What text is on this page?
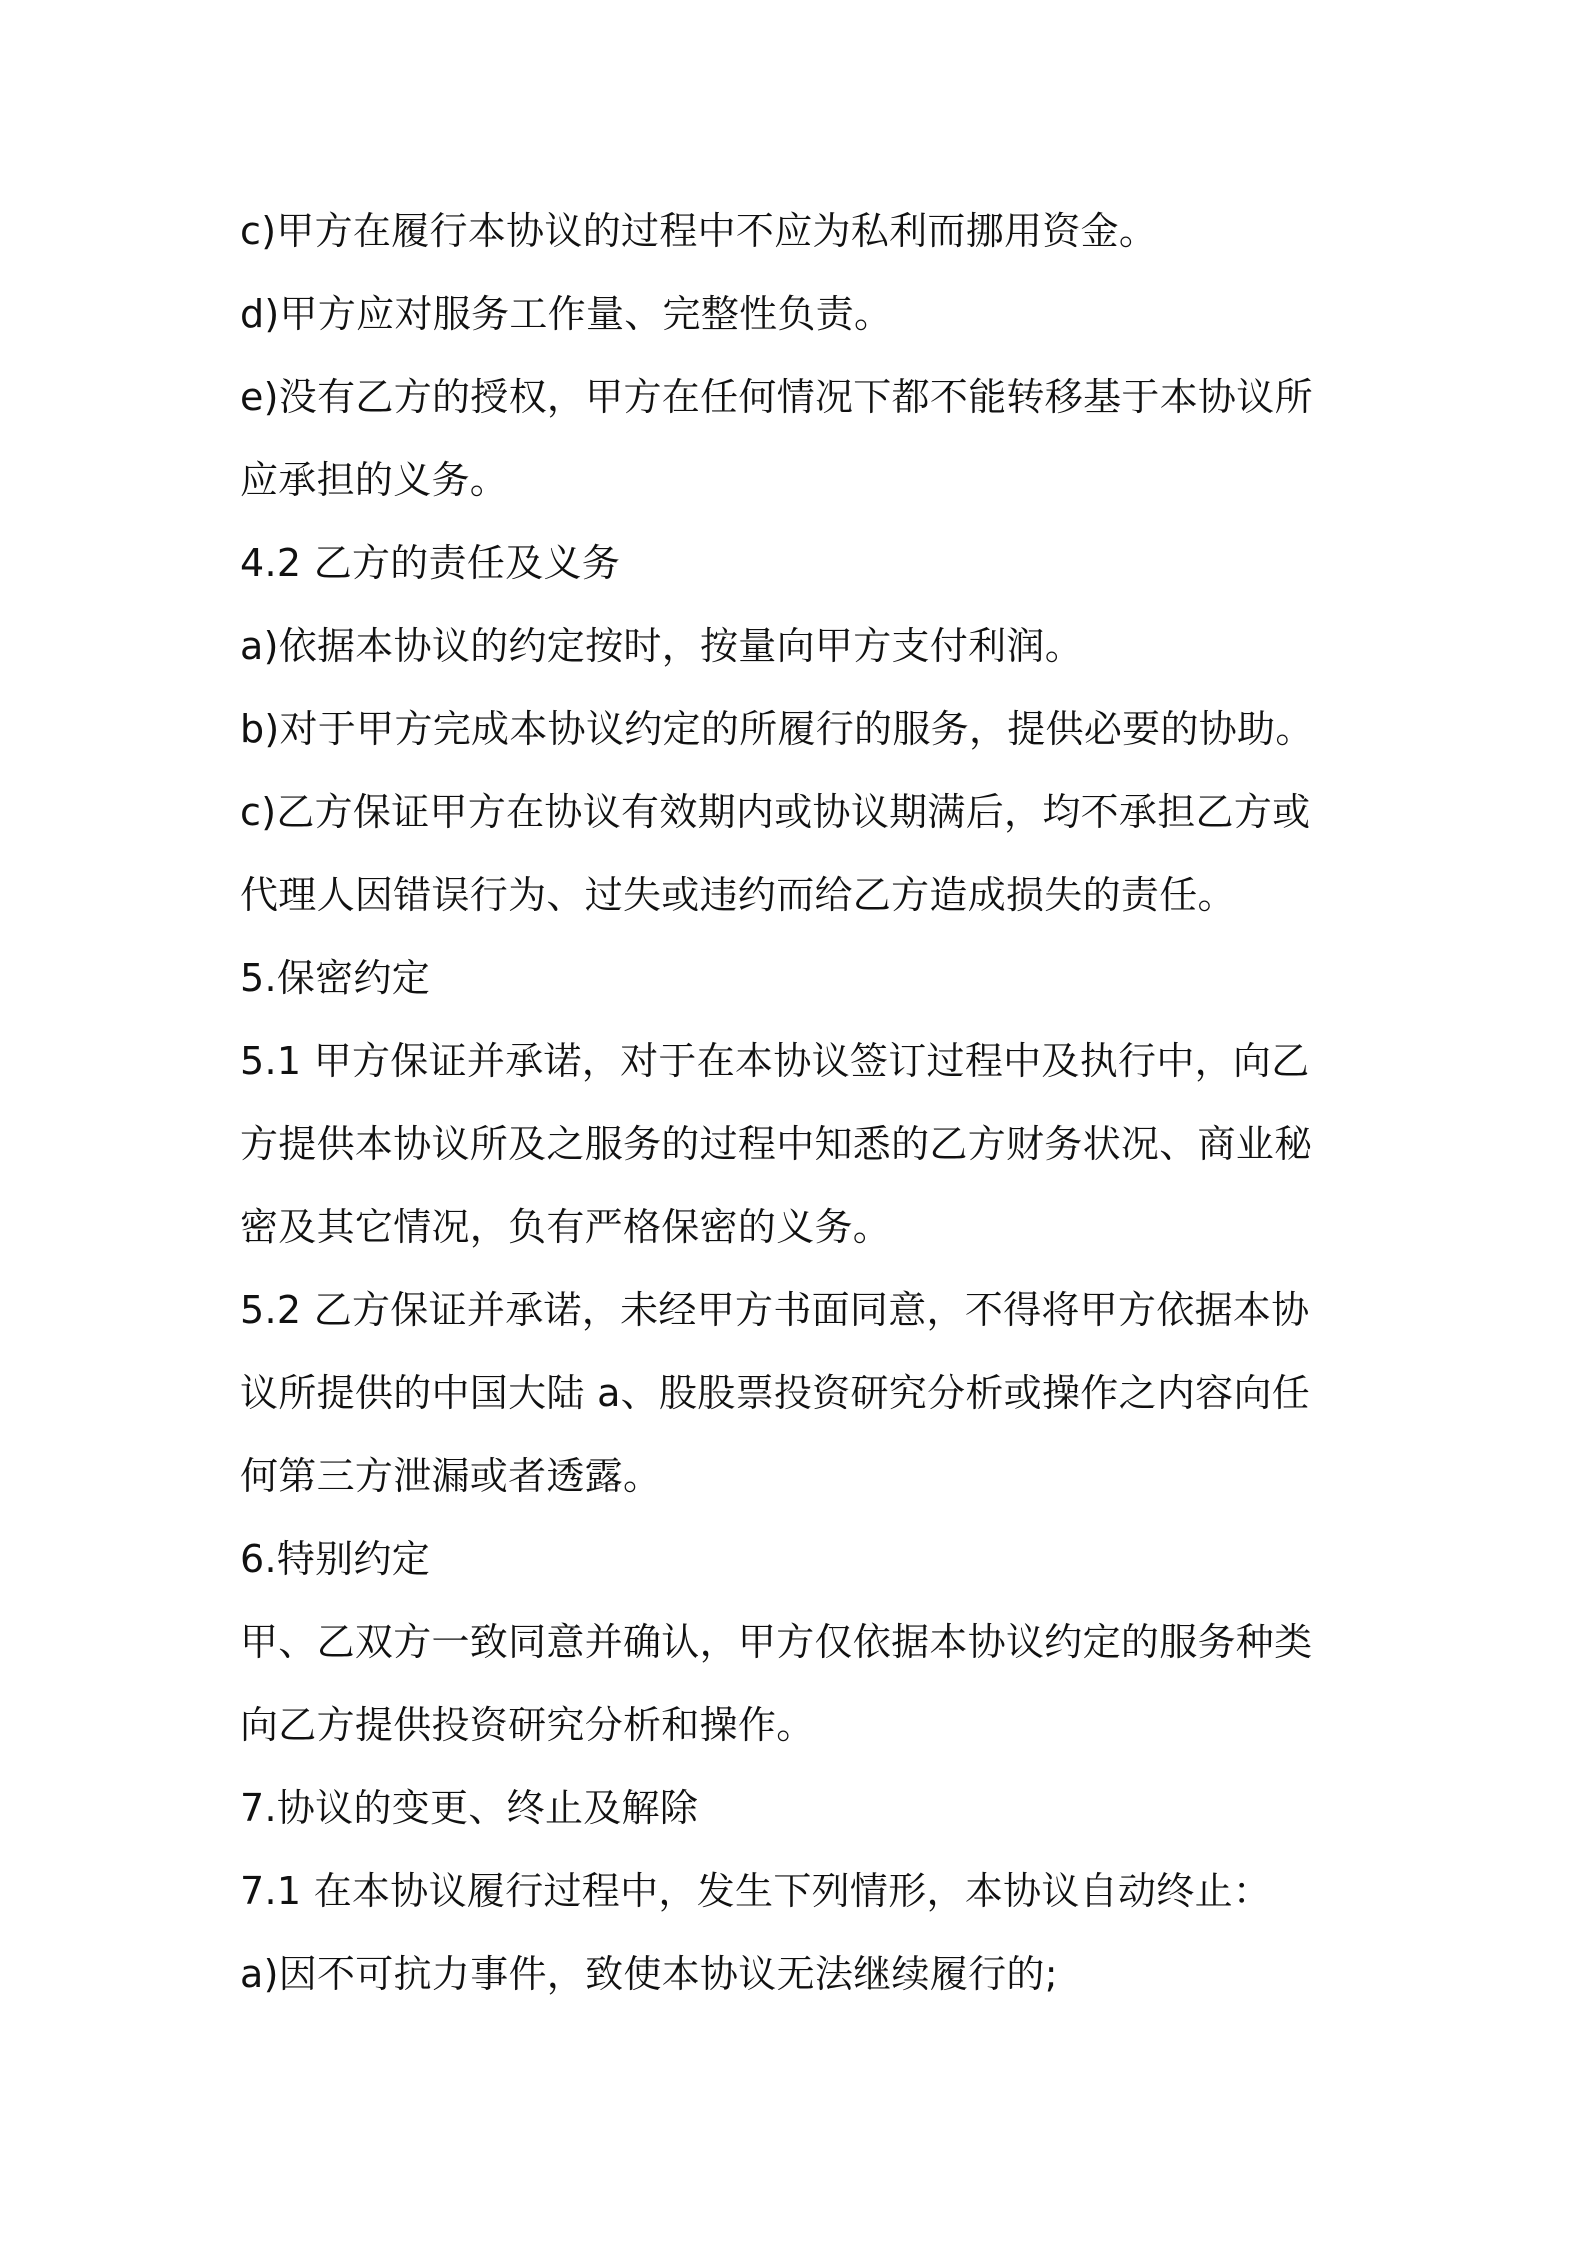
c)甲方在履行本协议的过程中不应为私利而挪用资金。
d)甲方应对服务工作量、完整性负责。
e)没有乙方的授权，甲方在任何情况下都不能转移基于本协议所
应承担的义务。
4.2 乙方的责任及义务
a)依据本协议的约定按时，按量向甲方支付利润。
b)对于甲方完成本协议约定的所履行的服务，提供必要的协助。
c)乙方保证甲方在协议有效期内或协议期满后，均不承担乙方或
代理人因错误行为、过失或违约而给乙方造成损失的责任。
5.保密约定
5.1 甲方保证并承诺，对于在本协议签订过程中及执行中，向乙
方提供本协议所及之服务的过程中知悉的乙方财务状况、商业秘
密及其它情况，负有严格保密的义务。
5.2 乙方保证并承诺，未经甲方书面同意，不得将甲方依据本协
议所提供的中国大陆 a、股股票投资研究分析或操作之内容向任
何第三方泄漏或者透露。
6.特别约定
甲、乙双方一致同意并确认，甲方仅依据本协议约定的服务种类
向乙方提供投资研究分析和操作。
7.协议的变更、终止及解除
7.1 在本协议履行过程中，发生下列情形，本协议自动终止：
a)因不可抗力事件，致使本协议无法继续履行的;
